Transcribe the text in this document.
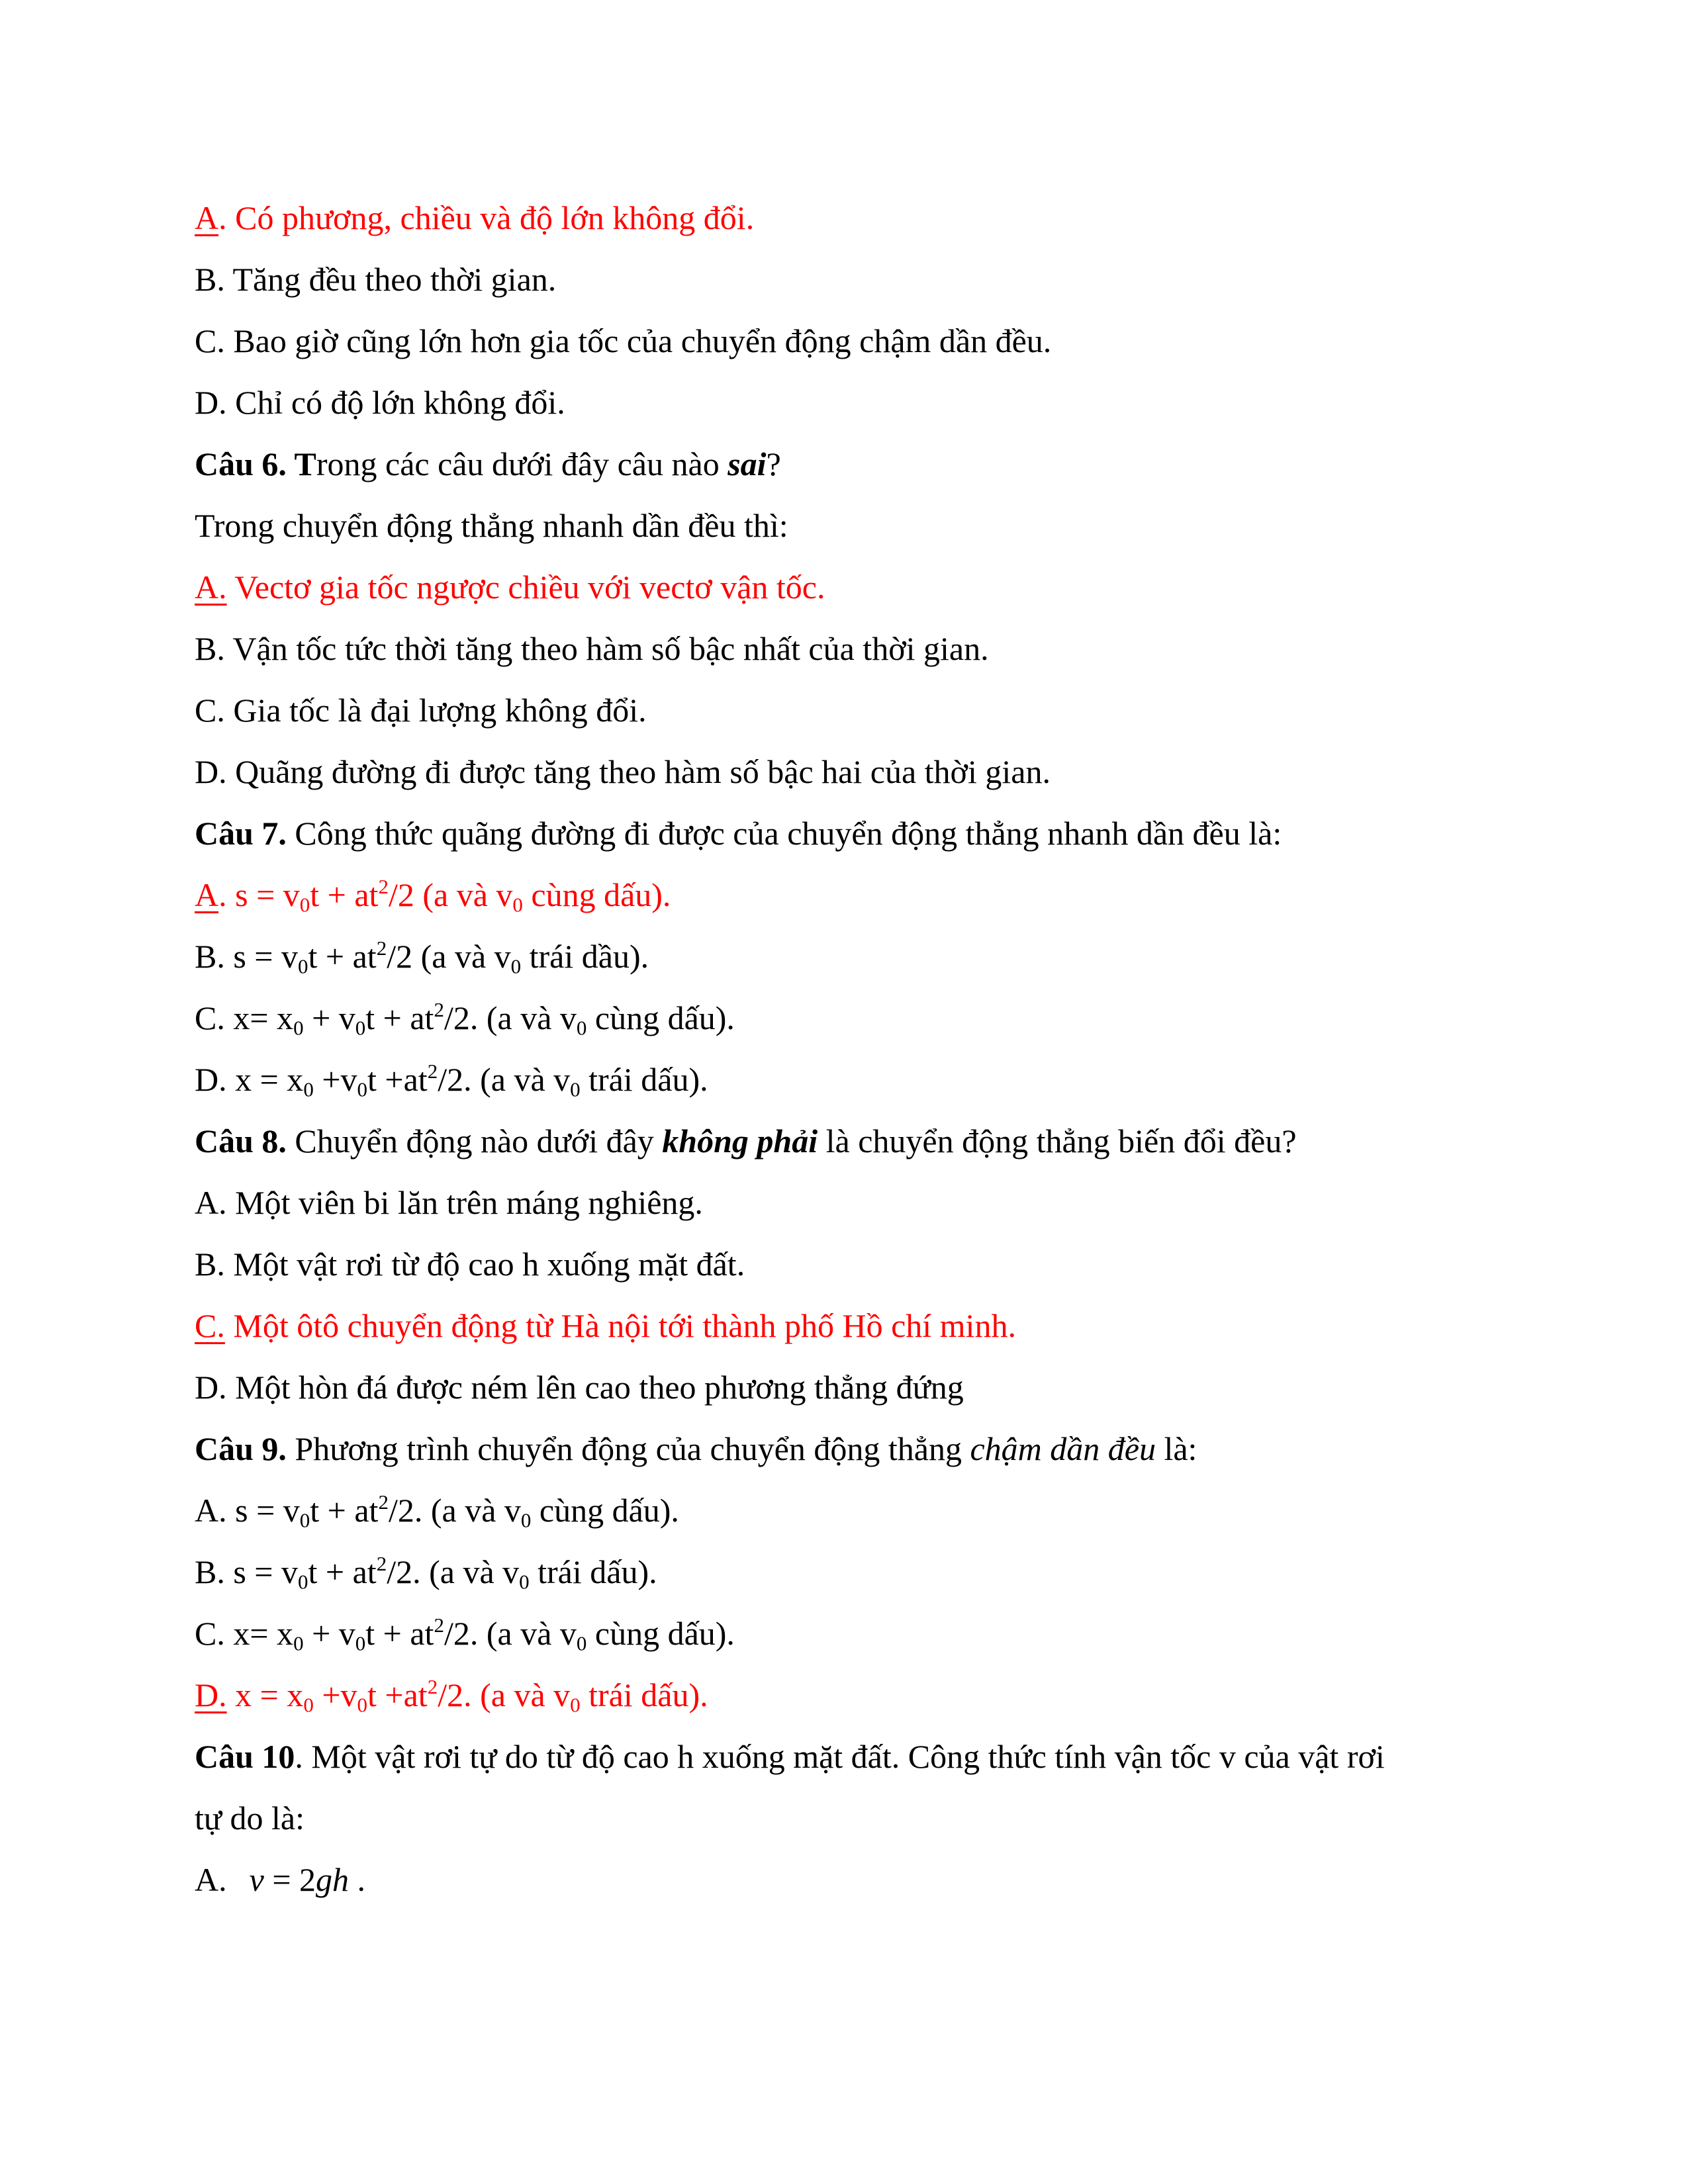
A. Có phương, chiều và độ lớn không đổi.
B. Tăng đều theo thời gian.
C. Bao giờ cũng lớn hơn gia tốc của chuyển động chậm dần đều.
D. Chỉ có độ lớn không đổi.
Câu 6. Trong các câu dưới đây câu nào sai?
Trong chuyển động thẳng nhanh dần đều thì:
A. Vectơ gia tốc ngược chiều với vectơ vận tốc.
B. Vận tốc tức thời tăng theo hàm số bậc nhất của thời gian.
C. Gia tốc là đại lượng không đổi.
D. Quãng đường đi được tăng theo hàm số bậc hai của thời gian.
Câu 7. Công thức quãng đường đi được của chuyển động thẳng nhanh dần đều là:
A. $s = v_0t + at^2/2$ (a và $v_0$ cùng dấu).
B. $s = v_0t + at^2/2$ (a và $v_0$ trái dầu).
C. $x= x_0 + v_0t + at^2/2$. (a và $v_0$ cùng dấu).
D. $x = x_0 +v_0t +at^2/2$. (a và $v_0$ trái dấu).
Câu 8. Chuyển động nào dưới đây không phải là chuyển động thẳng biến đổi đều?
A. Một viên bi lăn trên máng nghiêng.
B. Một vật rơi từ độ cao h xuống mặt đất.
C. Một ôtô chuyển động từ Hà nội tới thành phố Hồ chí minh.
D. Một hòn đá được ném lên cao theo phương thẳng đứng
Câu 9. Phương trình chuyển động của chuyển động thẳng chậm dần đều là:
A. $s = v_0t + at^2/2$. (a và $v_0$ cùng dấu).
B. $s = v_0t + at^2/2$. (a và $v_0$ trái dấu).
C. $x= x_0 + v_0t + at^2/2$. (a và $v_0$ cùng dấu).
D. $x = x_0 +v_0t +at^2/2$. (a và $v_0$ trái dấu).
Câu 10. Một vật rơi tự do từ độ cao h xuống mặt đất. Công thức tính vận tốc v của vật rơi
tự do là:
A. v = 2gh .
